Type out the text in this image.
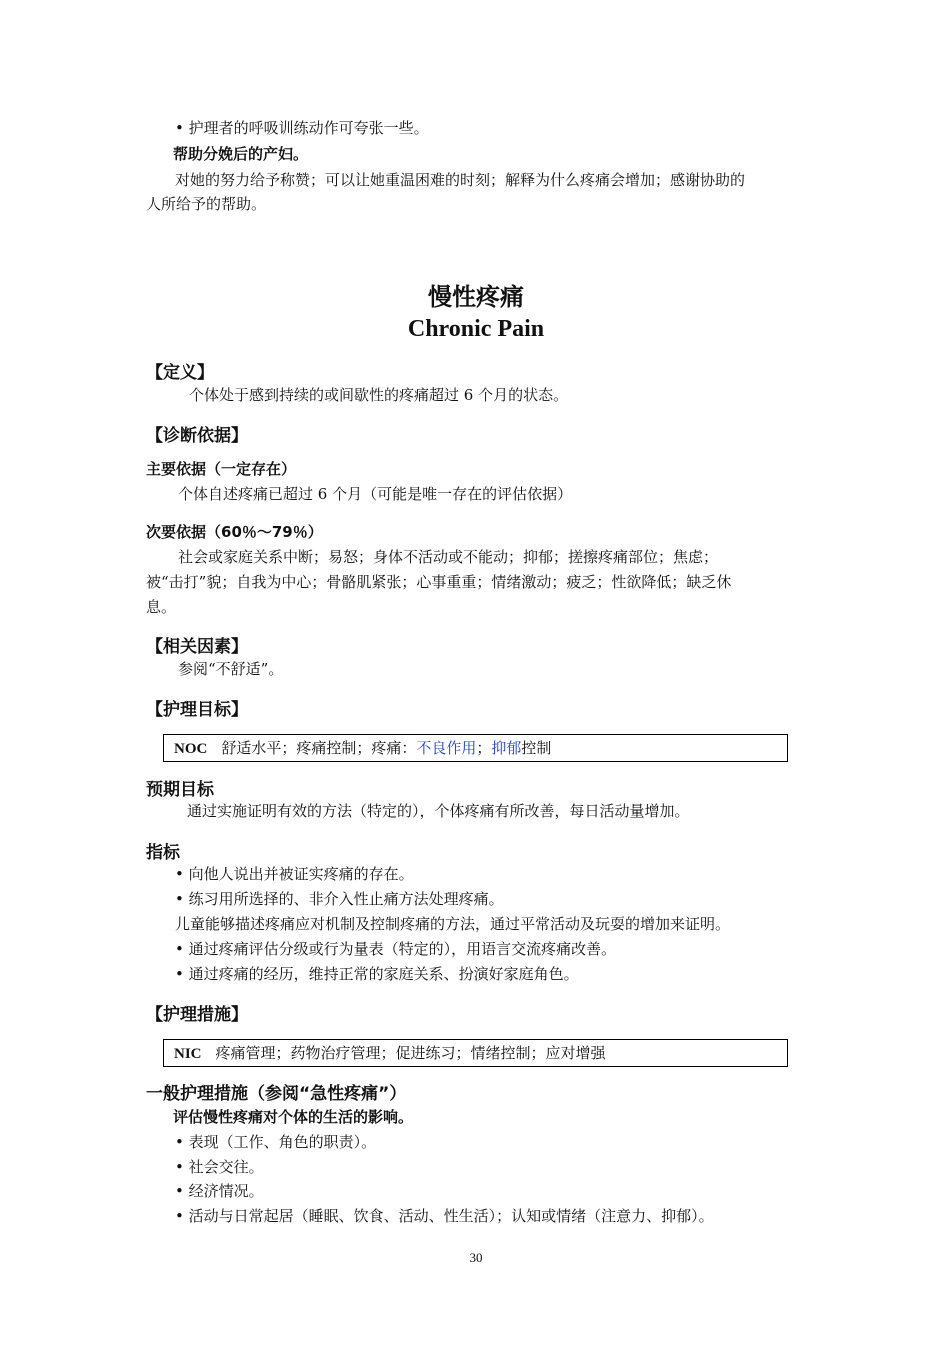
• 护理者的呼吸训练动作可夸张一些。
帮助分娩后的产妇。
对她的努力给予称赞；可以让她重温困难的时刻；解释为什么疼痛会增加；感谢协助的
人所给予的帮助。
慢性疼痛
Chronic Pain
【定义】
个体处于感到持续的或间歇性的疼痛超过 6 个月的状态。
【诊断依据】
主要依据（一定存在）
个体自述疼痛已超过 6 个月（可能是唯一存在的评估依据）
次要依据（60％～79％）
社会或家庭关系中断；易怒；身体不活动或不能动；抑郁；搓擦疼痛部位；焦虑；
被“击打”貌；自我为中心；骨骼肌紧张；心事重重；情绪激动；疲乏；性欲降低；缺乏休
息。
【相关因素】
参阅“不舒适”。
【护理目标】
NOC 舒适水平；疼痛控制；疼痛：不良作用；抑郁控制
预期目标
通过实施证明有效的方法（特定的），个体疼痛有所改善，每日活动量增加。
指标
• 向他人说出并被证实疼痛的存在。
• 练习用所选择的、非介入性止痛方法处理疼痛。
儿童能够描述疼痛应对机制及控制疼痛的方法，通过平常活动及玩耍的增加来证明。
• 通过疼痛评估分级或行为量表（特定的），用语言交流疼痛改善。
• 通过疼痛的经历，维持正常的家庭关系、扮演好家庭角色。
【护理措施】
NIC 疼痛管理；药物治疗管理；促进练习；情绪控制；应对增强
一般护理措施（参阅“急性疼痛”）
评估慢性疼痛对个体的生活的影响。
• 表现（工作、角色的职责）。
• 社会交往。
• 经济情况。
• 活动与日常起居（睡眠、饮食、活动、性生活）；认知或情绪（注意力、抑郁）。
30
